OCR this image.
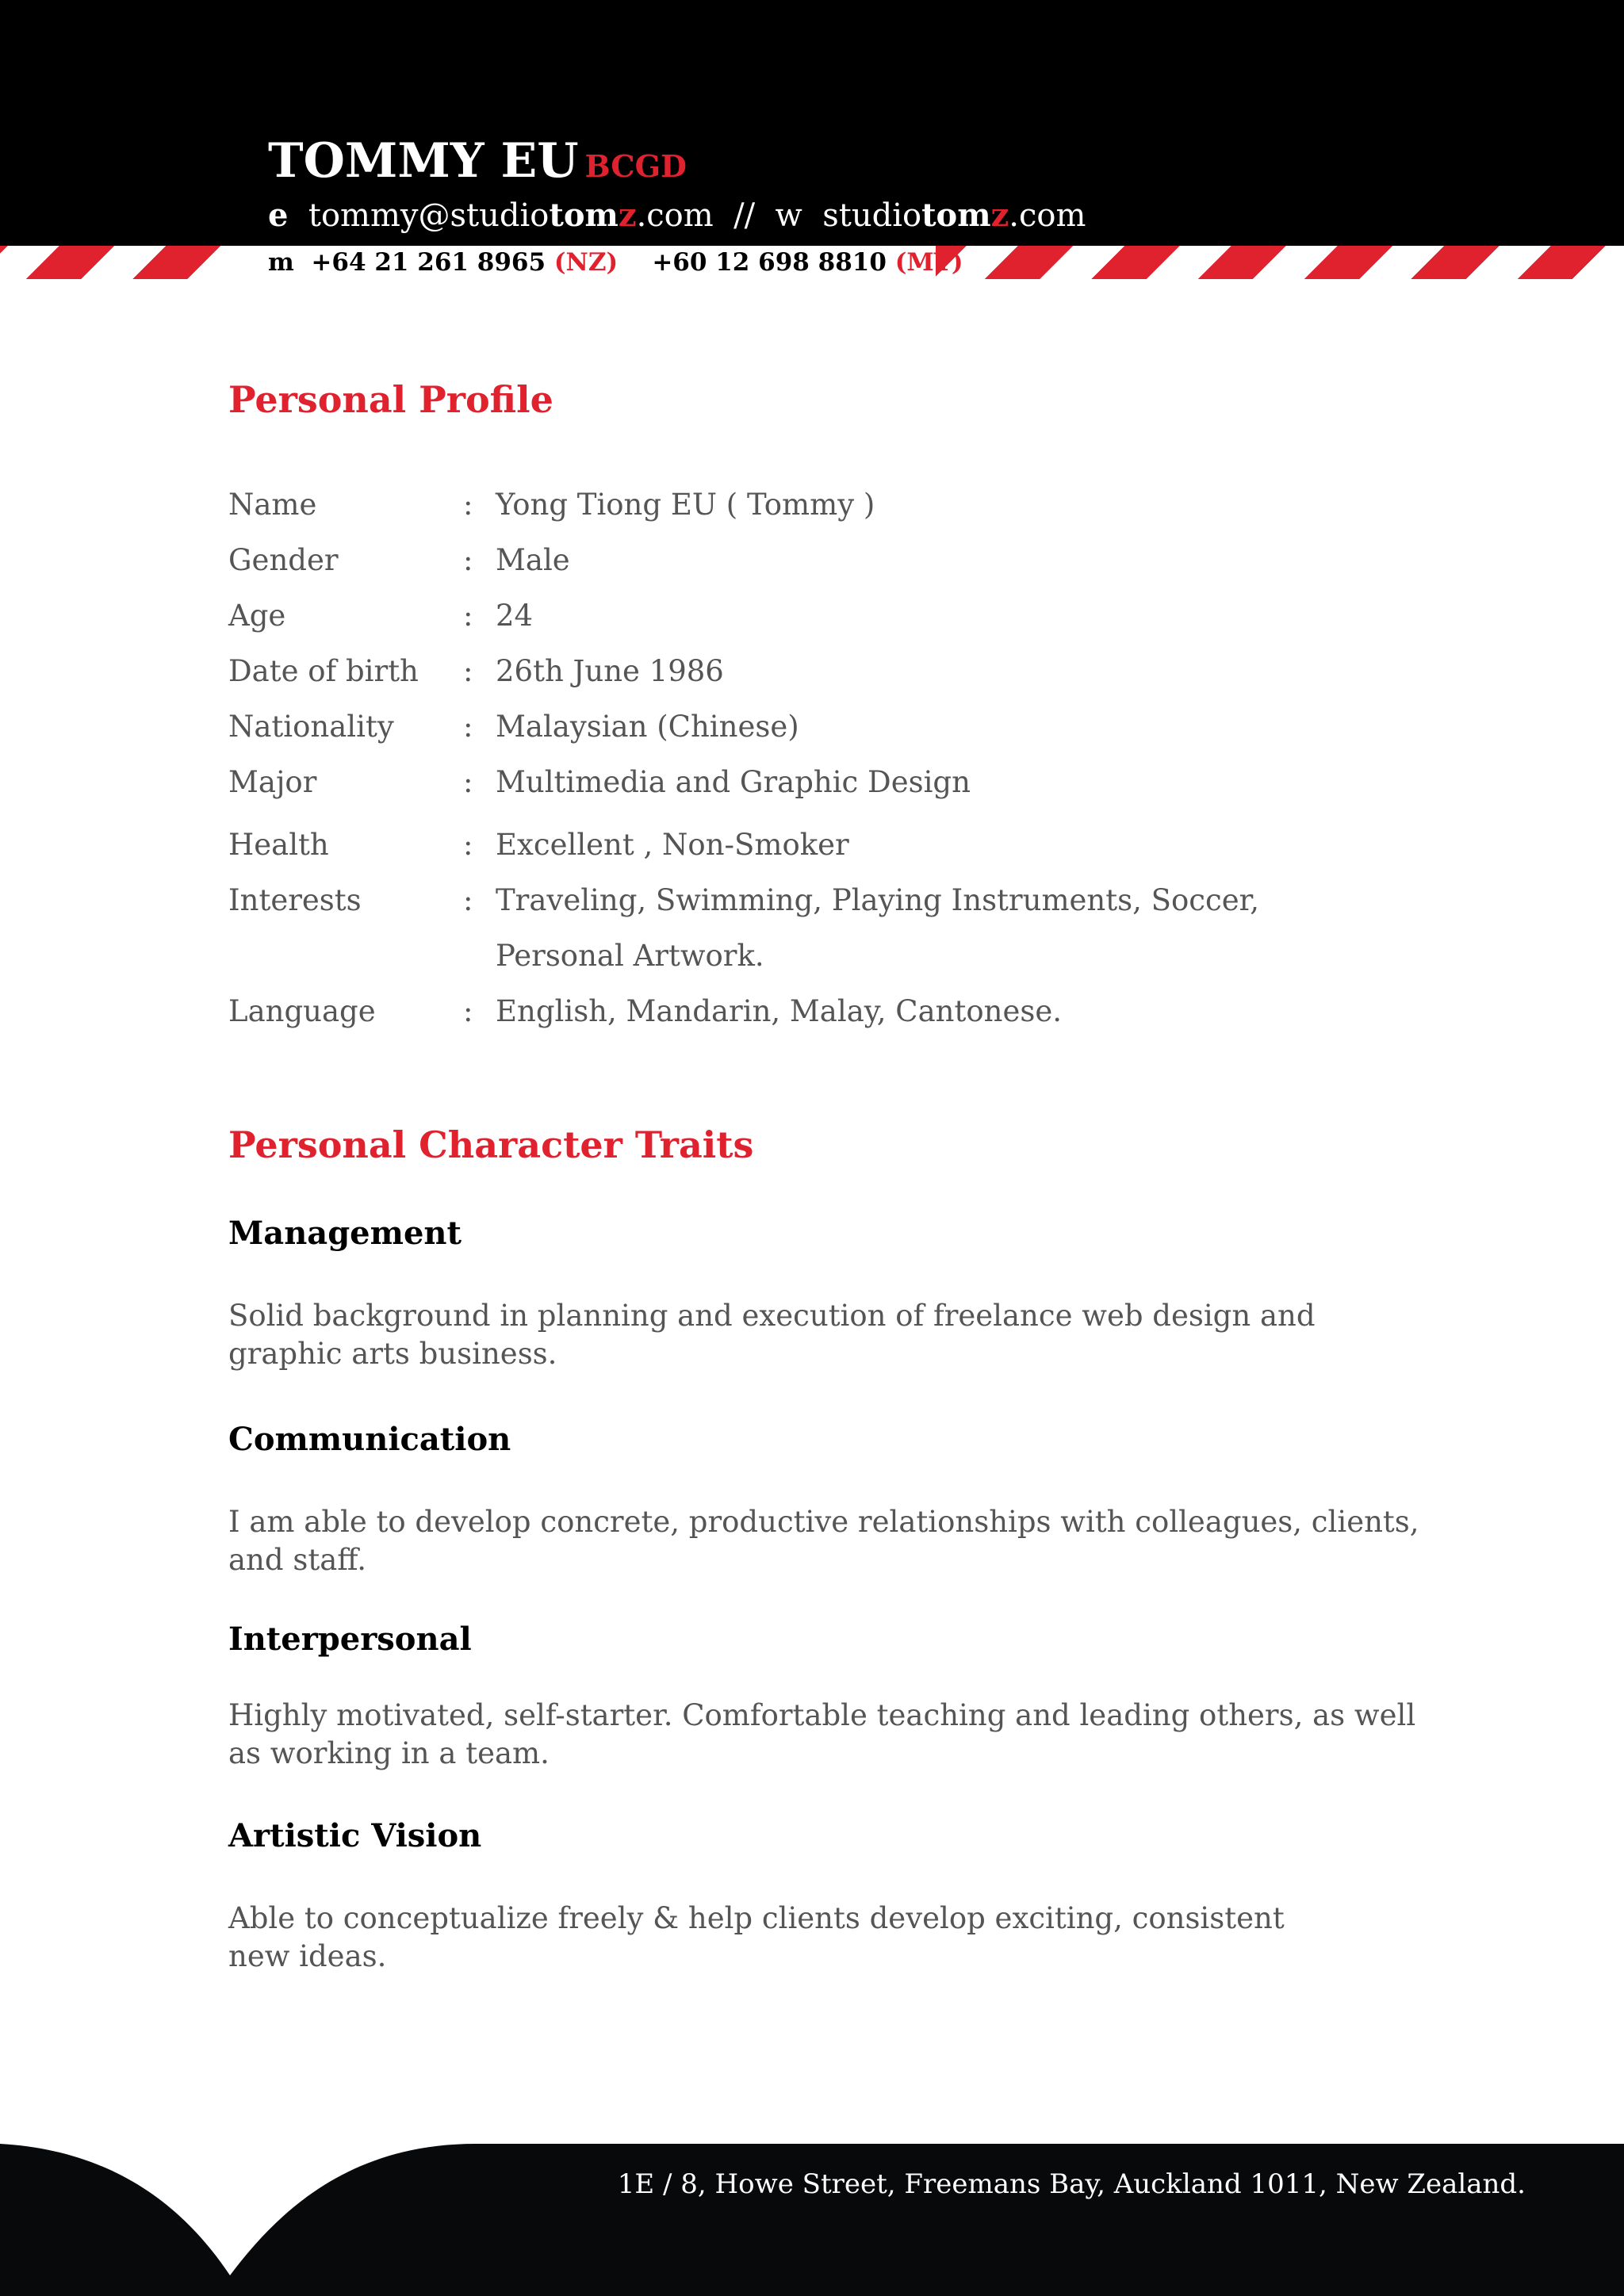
TOMMY EU BCGD
e tommy@studiotomz.com // w studiotomz.com
m +64 21 261 8965 (NZ) +60 12 698 8810 (MY)
Personal Profile
Name	: Yong Tiong EU ( Tommy )
Gender	: Male
Age	: 24
Date of birth : 26th June 1986
Nationality : Malaysian (Chinese)
Major	: Multimedia and Graphic Design
Health	: Excellent , Non-Smoker
Interests	: Traveling, Swimming, Playing Instruments, Soccer,
Personal Artwork.
Language	: English, Mandarin, Malay, Cantonese.
Personal Character Traits
Management
Solid background in planning and execution of freelance web design and graphic arts business.
Communication
I am able to develop concrete, productive relationships with colleagues, clients, and staff.
Interpersonal
Highly motivated, self-starter. Comfortable teaching and leading others, as well as working in a team.
Artistic Vision
Able to conceptualize freely & help clients develop exciting, consistent new ideas.
1E / 8, Howe Street, Freemans Bay, Auckland 1011, New Zealand.
